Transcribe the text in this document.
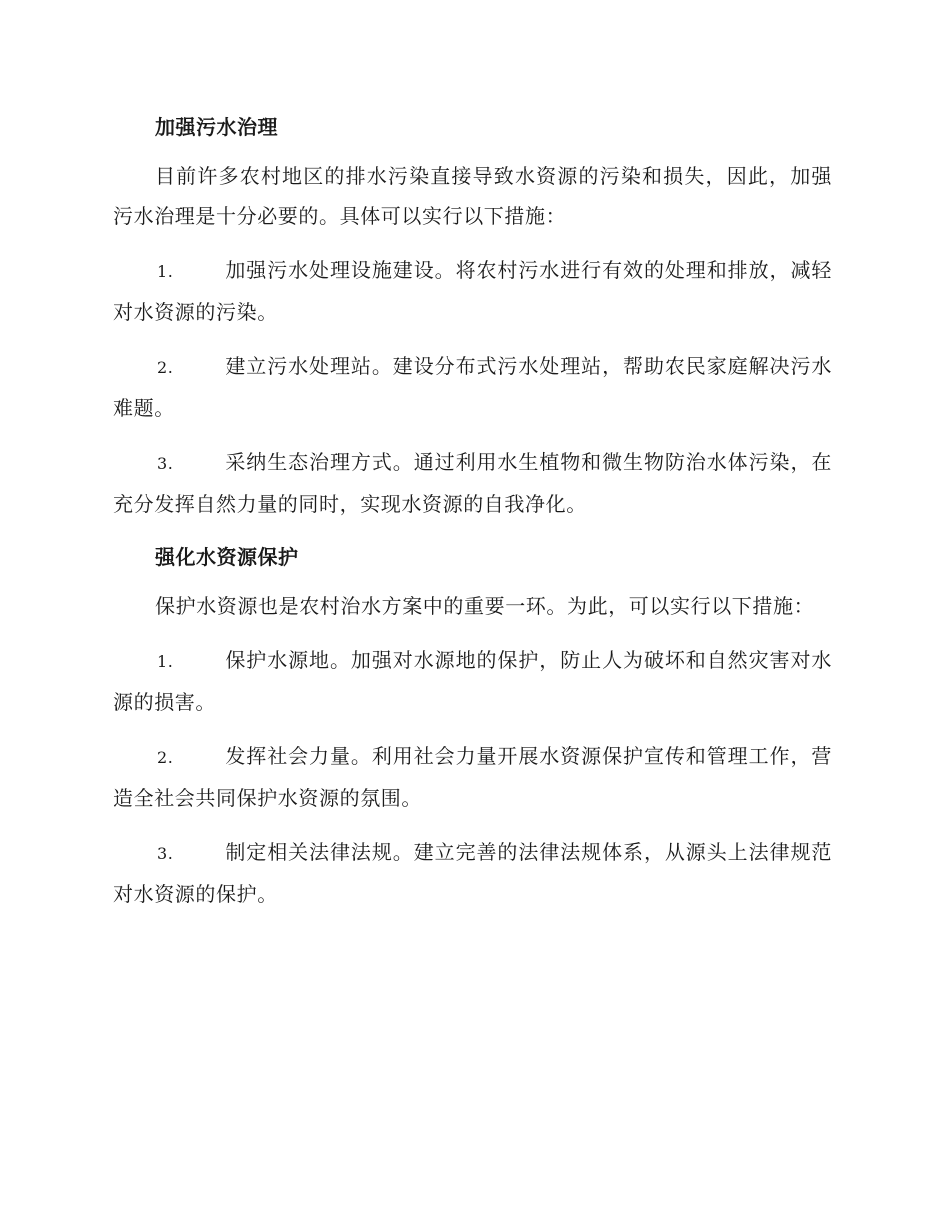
加强污水治理

目前许多农村地区的排水污染直接导致水资源的污染和损失，因此，加强污水治理是十分必要的。具体可以实行以下措施：

1.	加强污水处理设施建设。将农村污水进行有效的处理和排放，减轻对水资源的污染。

2.	建立污水处理站。建设分布式污水处理站，帮助农民家庭解决污水难题。

3.	采纳生态治理方式。通过利用水生植物和微生物防治水体污染，在充分发挥自然力量的同时，实现水资源的自我净化。

强化水资源保护

保护水资源也是农村治水方案中的重要一环。为此，可以实行以下措施：

1.	保护水源地。加强对水源地的保护，防止人为破坏和自然灾害对水源的损害。

2.	发挥社会力量。利用社会力量开展水资源保护宣传和管理工作，营造全社会共同保护水资源的氛围。

3.	制定相关法律法规。建立完善的法律法规体系，从源头上法律规范对水资源的保护。
